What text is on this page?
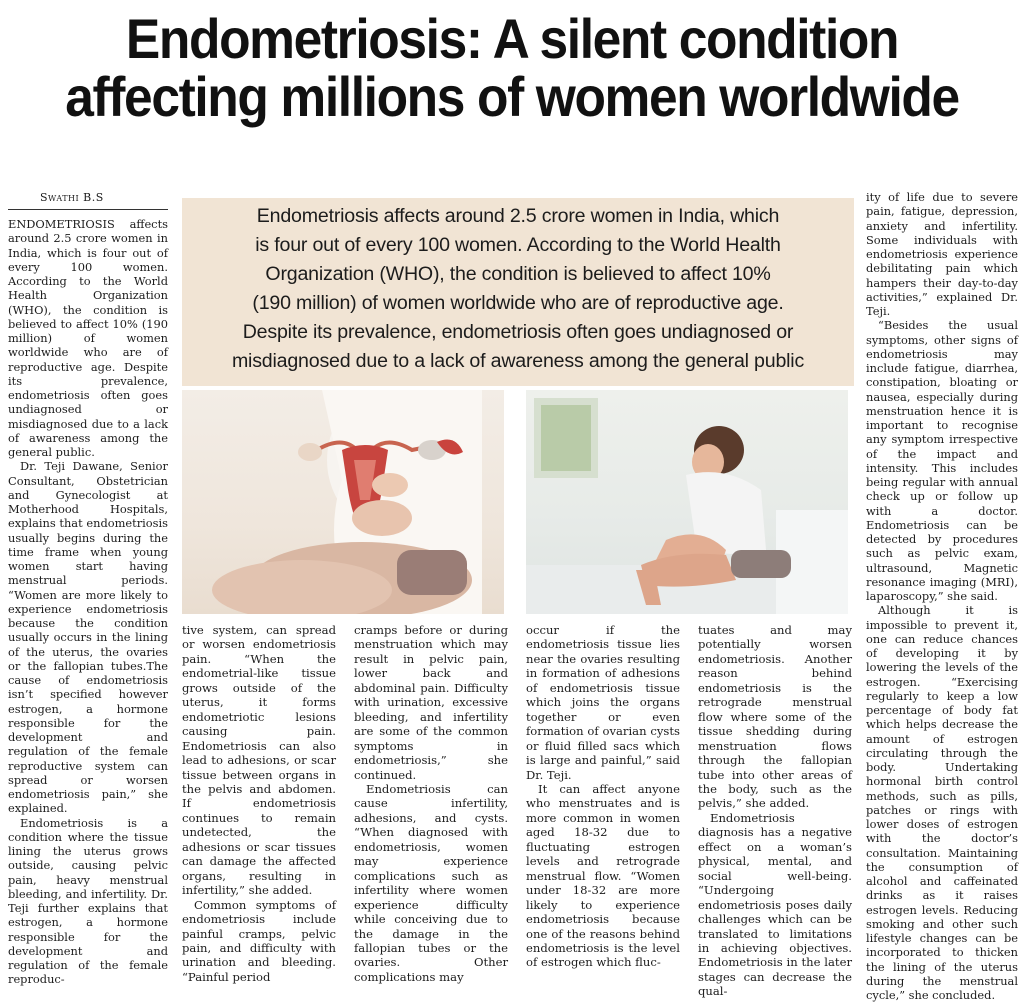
Endometriosis: A silent condition
affecting millions of women worldwide
Swathi B.S

ENDOMETRIOSIS affects around 2.5 crore women in India, which is four out of every 100 women. According to the World Health Organization (WHO), the condition is believed to affect 10% (190 million) of women worldwide who are of reproductive age. Despite its prevalence, endometriosis often goes undiagnosed or misdiagnosed due to a lack of awareness among the general public.

Dr. Teji Dawane, Senior Consultant, Obstetrician and Gynecologist at Motherhood Hospitals, explains that endometriosis usually begins during the time frame when young women start having menstrual periods. “Women are more likely to experience endometriosis because the condition usually occurs in the lining of the uterus, the ovaries or the fallopian tubes.The cause of endometriosis isn’t specified however estrogen, a hormone responsible for the development and regulation of the female reproductive system can spread or worsen endometriosis pain,” she explained.

Endometriosis is a condition where the tissue lining the uterus grows outside, causing pelvic pain, heavy menstrual bleeding, and infertility. Dr. Teji further explains that estrogen, a hormone responsible for the development and regulation of the female reproduc-

Endometriosis affects around 2.5 crore women in India, which
is four out of every 100 women. According to the World Health
Organization (WHO), the condition is believed to affect 10%
(190 million) of women worldwide who are of reproductive age.
Despite its prevalence, endometriosis often goes undiagnosed or
misdiagnosed due to a lack of awareness among the general public

tive system, can spread or worsen endometriosis pain. “When the endometrial-like tissue grows outside of the uterus, it forms endometriotic lesions causing pain. Endometriosis can also lead to adhesions, or scar tissue between organs in the pelvis and abdomen. If endometriosis continues to remain undetected, the adhesions or scar tissues can damage the affected organs, resulting in infertility,” she added.

Common symptoms of endometriosis include painful cramps, pelvic pain, and difficulty with urination and bleeding. “Painful period

cramps before or during menstruation which may result in pelvic pain, lower back and abdominal pain. Difficulty with urination, excessive bleeding, and infertility are some of the common symptoms in endometriosis,” she continued.

Endometriosis can cause infertility, adhesions, and cysts. “When diagnosed with endometriosis, women may experience complications such as infertility where women experience difficulty while conceiving due to the damage in the fallopian tubes or the ovaries. Other complications may

occur if the endometriosis tissue lies near the ovaries resulting in formation of adhesions of endometriosis tissue which joins the organs together or even formation of ovarian cysts or fluid filled sacs which is large and painful,” said Dr. Teji.

It can affect anyone who menstruates and is more common in women aged 18-32 due to fluctuating estrogen levels and retrograde menstrual flow. “Women under 18-32 are more likely to experience endometriosis because one of the reasons behind endometriosis is the level of estrogen which fluc-

tuates and may potentially worsen endometriosis. Another reason behind endometriosis is the retrograde menstrual flow where some of the tissue shedding during menstruation flows through the fallopian tube into other areas of the body, such as the pelvis,” she added.

Endometriosis diagnosis has a negative effect on a woman’s physical, mental, and social well-being. “Undergoing endometriosis poses daily challenges which can be translated to limitations in achieving objectives. Endometriosis in the later stages can decrease the qual-

ity of life due to severe pain, fatigue, depression, anxiety and infertility. Some individuals with endometriosis experience debilitating pain which hampers their day-to-day activities,” explained Dr. Teji.

“Besides the usual symptoms, other signs of endometriosis may include fatigue, diarrhea, constipation, bloating or nausea, especially during menstruation hence it is important to recognise any symptom irrespective of the impact and intensity. This includes being regular with annual check up or follow up with a doctor. Endometriosis can be detected by procedures such as pelvic exam, ultrasound, Magnetic resonance imaging (MRI), laparoscopy,” she said.

Although it is impossible to prevent it, one can reduce chances of developing it by lowering the levels of the estrogen. “Exercising regularly to keep a low percentage of body fat which helps decrease the amount of estrogen circulating through the body. Undertaking hormonal birth control methods, such as pills, patches or rings with lower doses of estrogen with the doctor’s consultation. Maintaining the consumption of alcohol and caffeinated drinks as it raises estrogen levels. Reducing smoking and other such lifestyle changes can be incorporated to thicken the lining of the uterus during the menstrual cycle,” she concluded.
